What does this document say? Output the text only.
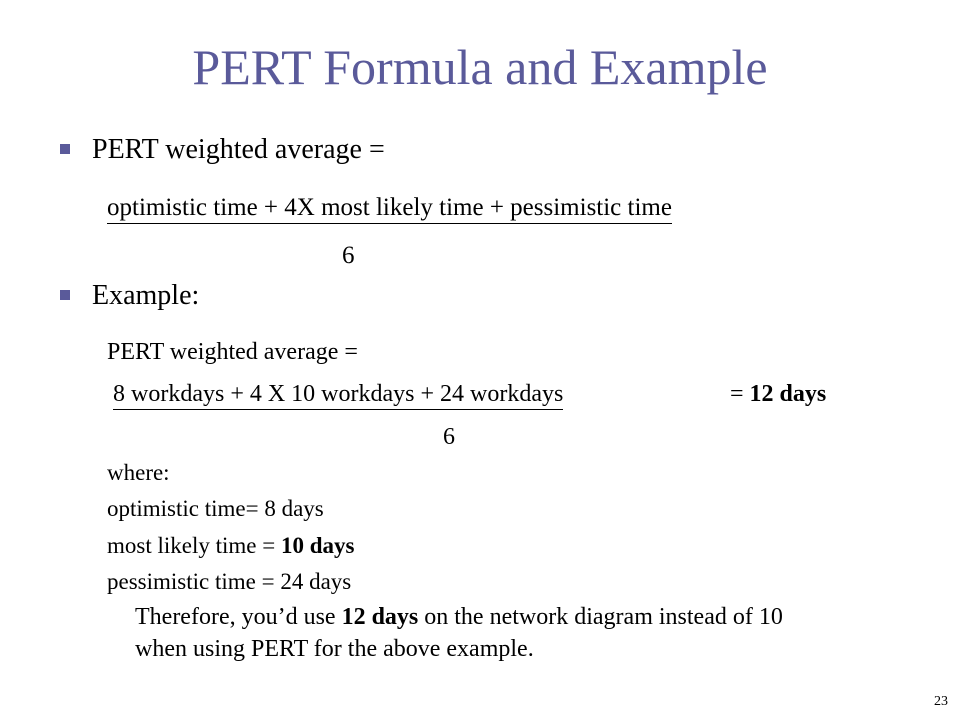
PERT Formula and Example
PERT weighted average =
optimistic time + 4X most likely time + pessimistic time
6
Example:
PERT weighted average =
8 workdays + 4 X 10 workdays + 24 workdays	= 12 days
6
where:
optimistic time= 8 days
most likely time = 10 days
pessimistic time = 24 days
Therefore, you’d use 12 days on the network diagram instead of 10
when using PERT for the above example.
23
